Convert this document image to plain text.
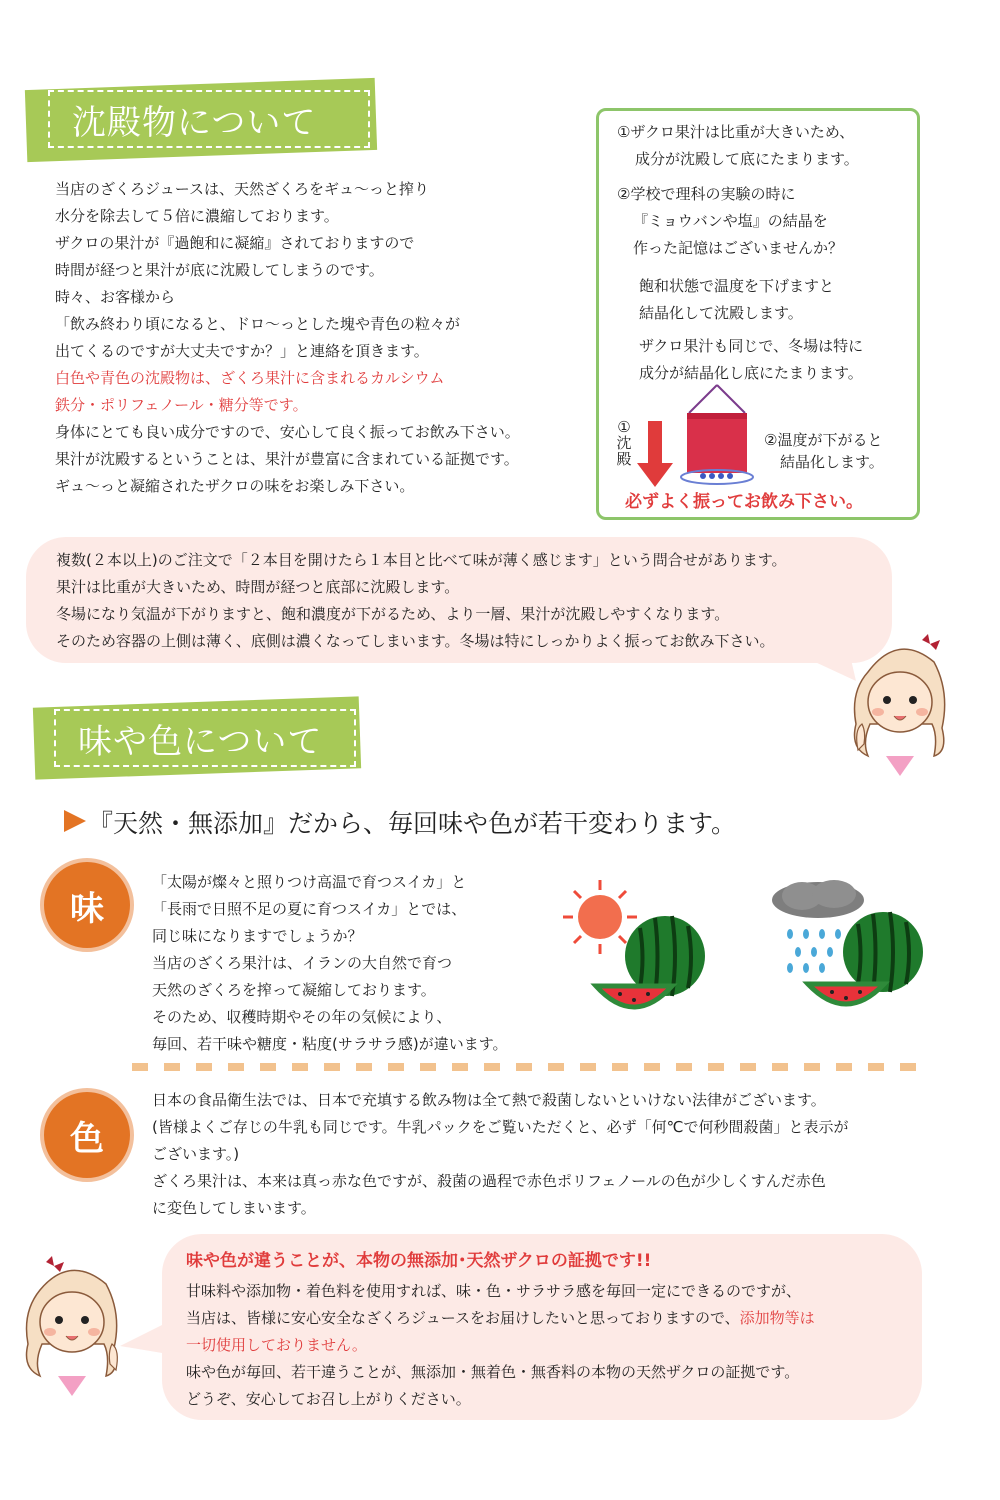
沈殿物について
当店のざくろジュースは、天然ざくろをギュ～っと搾り
水分を除去して５倍に濃縮しております。
ザクロの果汁が『過飽和に凝縮』されておりますので
時間が経つと果汁が底に沈殿してしまうのです。
時々、お客様から
「飲み終わり頃になると、ドロ～っとした塊や青色の粒々が
出てくるのですが大丈夫ですか？」と連絡を頂きます。
白色や青色の沈殿物は、ざくろ果汁に含まれるカルシウム
鉄分・ポリフェノール・糖分等です。
身体にとても良い成分ですので、安心して良く振ってお飲み下さい。
果汁が沈殿するということは、果汁が豊富に含まれている証拠です。
ギュ～っと凝縮されたザクロの味をお楽しみ下さい。
①ザクロ果汁は比重が大きいため、
成分が沈殿して底にたまります。
②学校で理科の実験の時に
『ミョウバンや塩』の結晶を
作った記憶はございませんか？
飽和状態で温度を下げますと
結晶化して沈殿します。
ザクロ果汁も同じで、冬場は特に
成分が結晶化し底にたまります。
①
沈
殿
②温度が下がると
結晶化します。
必ずよく振ってお飲み下さい。
複数(２本以上)のご注文で「２本目を開けたら１本目と比べて味が薄く感じます」という問合せがあります。
果汁は比重が大きいため、時間が経つと底部に沈殿します。
冬場になり気温が下がりますと、飽和濃度が下がるため、より一層、果汁が沈殿しやすくなります。
そのため容器の上側は薄く、底側は濃くなってしまいます。冬場は特にしっかりよく振ってお飲み下さい。
味や色について
『天然・無添加』だから、毎回味や色が若干変わります。
味
「太陽が燦々と照りつけ高温で育つスイカ」と
「長雨で日照不足の夏に育つスイカ」とでは、
同じ味になりますでしょうか？
当店のざくろ果汁は、イランの大自然で育つ
天然のざくろを搾って凝縮しております。
そのため、収穫時期やその年の気候により、
毎回、若干味や糖度・粘度(サラサラ感)が違います。
色
日本の食品衛生法では、日本で充填する飲み物は全て熱で殺菌しないといけない法律がございます。
(皆様よくご存じの牛乳も同じです。牛乳パックをご覧いただくと、必ず「何℃で何秒間殺菌」と表示が
ございます。)
ざくろ果汁は、本来は真っ赤な色ですが、殺菌の過程で赤色ポリフェノールの色が少しくすんだ赤色
に変色してしまいます。
味や色が違うことが、本物の無添加･天然ザクロの証拠です!!
甘味料や添加物・着色料を使用すれば、味・色・サラサラ感を毎回一定にできるのですが、
当店は、皆様に安心安全なざくろジュースをお届けしたいと思っておりますので、添加物等は
一切使用しておりません。
味や色が毎回、若干違うことが、無添加・無着色・無香料の本物の天然ザクロの証拠です。
どうぞ、安心してお召し上がりください。
